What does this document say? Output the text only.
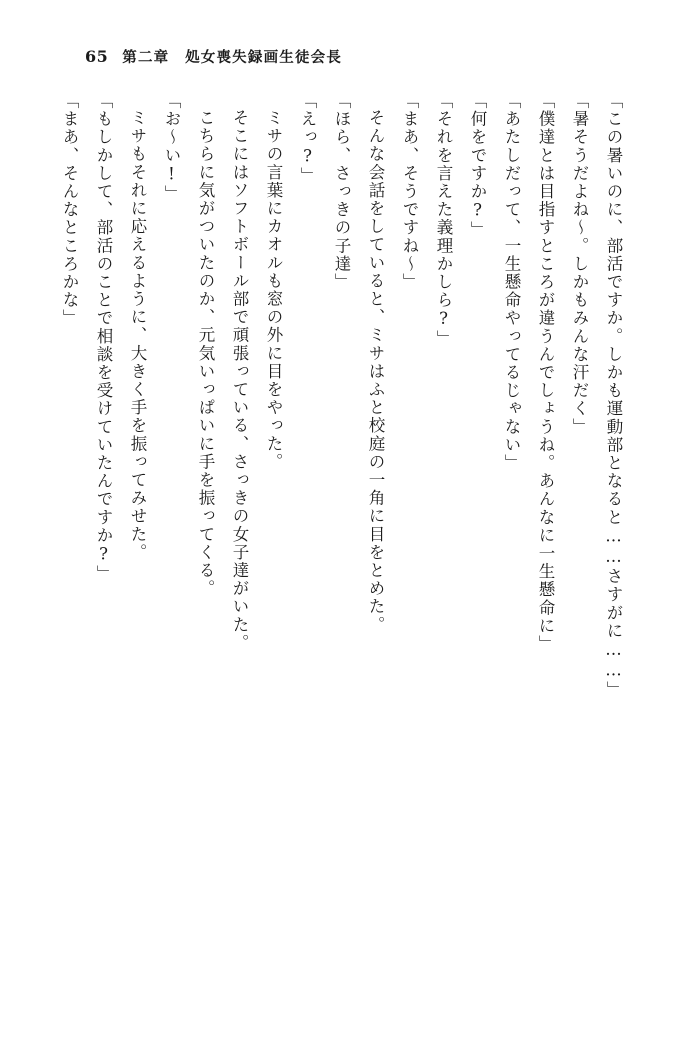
65 第二章　処女喪失録画生徒会長

「この暑いのに、部活ですか。しかも運動部となると……さすがに……」

「暑そうだよね〜。しかもみんな汗だく」

「僕達とは目指すところが違うんでしょうね。あんなに一生懸命に」

「あたしだって、一生懸命やってるじゃない」

「何をですか?」

「それを言えた義理かしら?」

「まあ、そうですね〜」

そんな会話をしていると、ミサはふと校庭の一角に目をとめた。

「ほら、さっきの子達」

「えっ?」

ミサの言葉にカオルも窓の外に目をやった。

そこにはソフトボール部で頑張っている、さっきの女子達がいた。

こちらに気がついたのか、元気いっぱいに手を振ってくる。

「お〜い!」

ミサもそれに応えるように、大きく手を振ってみせた。

「もしかして、部活のことで相談を受けていたんですか?」

「まあ、そんなところかな」
